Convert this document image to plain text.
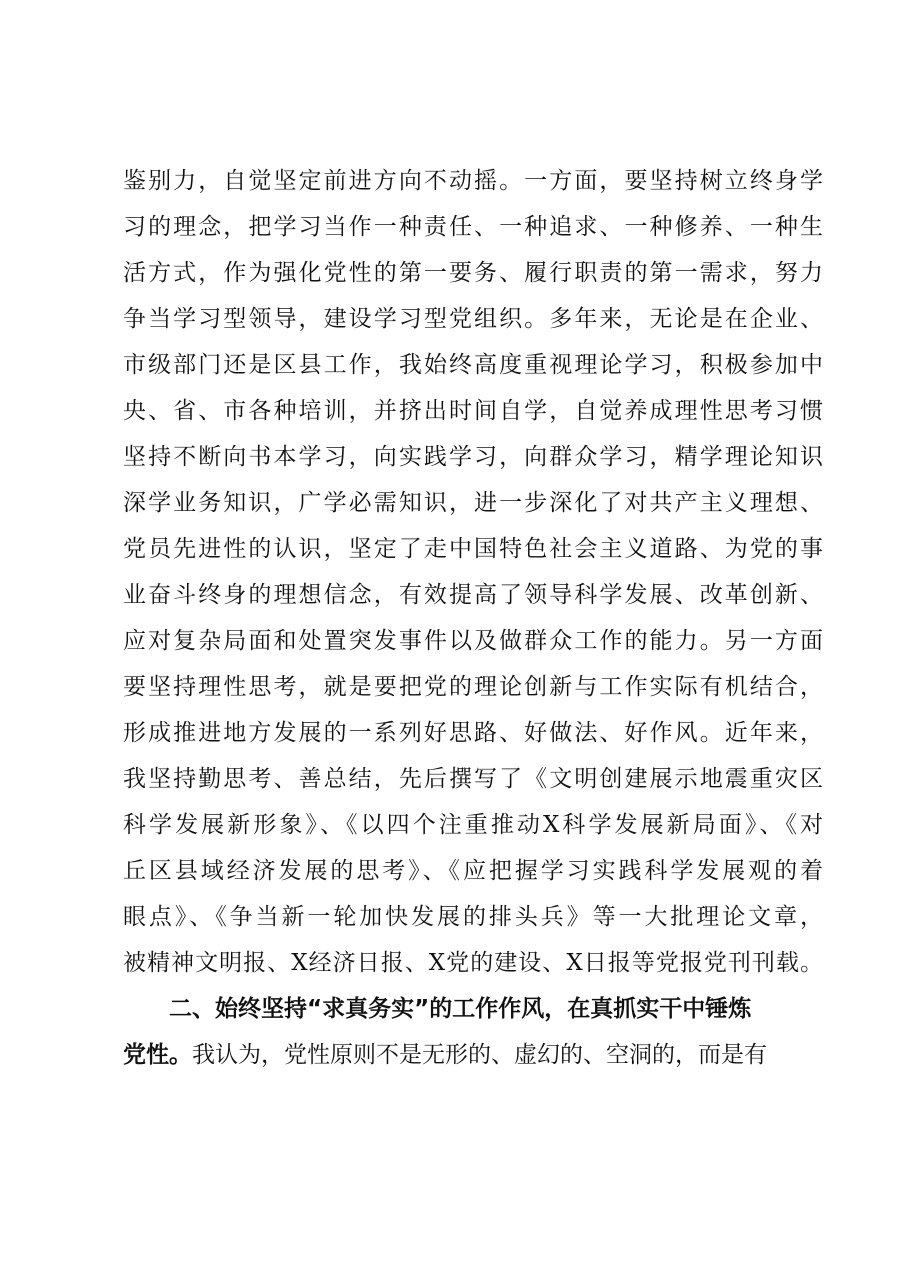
鉴别力，自觉坚定前进方向不动摇。一方面，要坚持树立终身学
习的理念，把学习当作一种责任、一种追求、一种修养、一种生
活方式，作为强化党性的第一要务、履行职责的第一需求，努力
争当学习型领导，建设学习型党组织。多年来，无论是在企业、
市级部门还是区县工作，我始终高度重视理论学习，积极参加中
央、省、市各种培训，并挤出时间自学，自觉养成理性思考习惯
坚持不断向书本学习，向实践学习，向群众学习，精学理论知识
深学业务知识，广学必需知识，进一步深化了对共产主义理想、
党员先进性的认识，坚定了走中国特色社会主义道路、为党的事
业奋斗终身的理想信念，有效提高了领导科学发展、改革创新、
应对复杂局面和处置突发事件以及做群众工作的能力。另一方面
要坚持理性思考，就是要把党的理论创新与工作实际有机结合，
形成推进地方发展的一系列好思路、好做法、好作风。近年来，
我坚持勤思考、善总结，先后撰写了《文明创建展示地震重灾区
科学发展新形象》、《以四个注重推动X科学发展新局面》、《对
丘区县域经济发展的思考》、《应把握学习实践科学发展观的着
眼点》、《争当新一轮加快发展的排头兵》等一大批理论文章，
被精神文明报、X经济日报、X党的建设、X日报等党报党刊刊载。
二、始终坚持“求真务实”的工作作风，在真抓实干中锤炼
党性。我认为，党性原则不是无形的、虚幻的、空洞的，而是有
